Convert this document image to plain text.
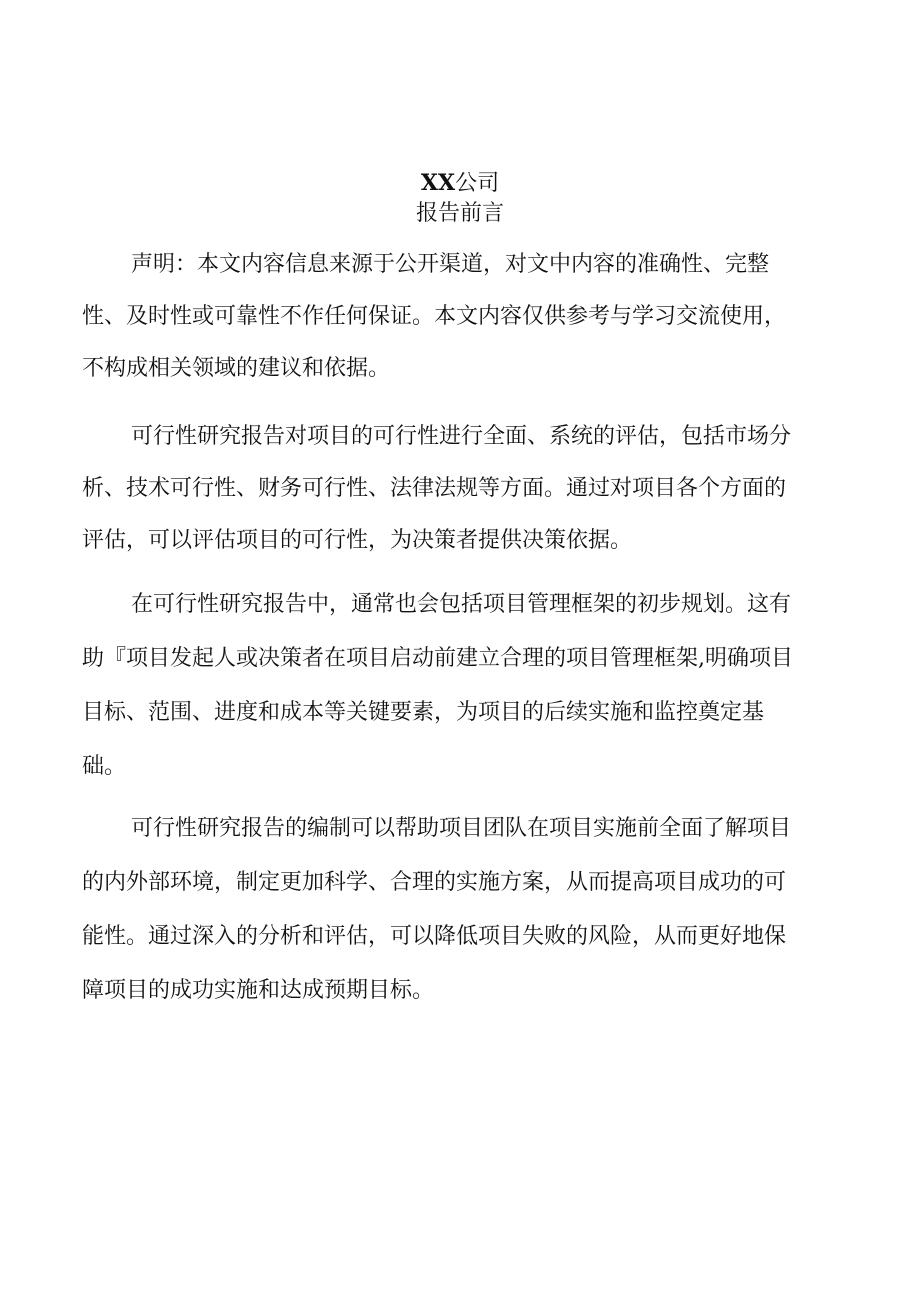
XX公司
报告前言
声明：本文内容信息来源于公开渠道，对文中内容的准确性、完整
性、及时性或可靠性不作任何保证。本文内容仅供参考与学习交流使用，
不构成相关领域的建议和依据。
可行性研究报告对项目的可行性进行全面、系统的评估，包括市场分
析、技术可行性、财务可行性、法律法规等方面。通过对项目各个方面的
评估，可以评估项目的可行性，为决策者提供决策依据。
在可行性研究报告中，通常也会包括项目管理框架的初步规划。这有
助『项目发起人或决策者在项目启动前建立合理的项目管理框架,明确项目
目标、范围、进度和成本等关键要素，为项目的后续实施和监控奠定基
础。
可行性研究报告的编制可以帮助项目团队在项目实施前全面了解项目
的内外部环境，制定更加科学、合理的实施方案，从而提高项目成功的可
能性。通过深入的分析和评估，可以降低项目失败的风险，从而更好地保
障项目的成功实施和达成预期目标。
